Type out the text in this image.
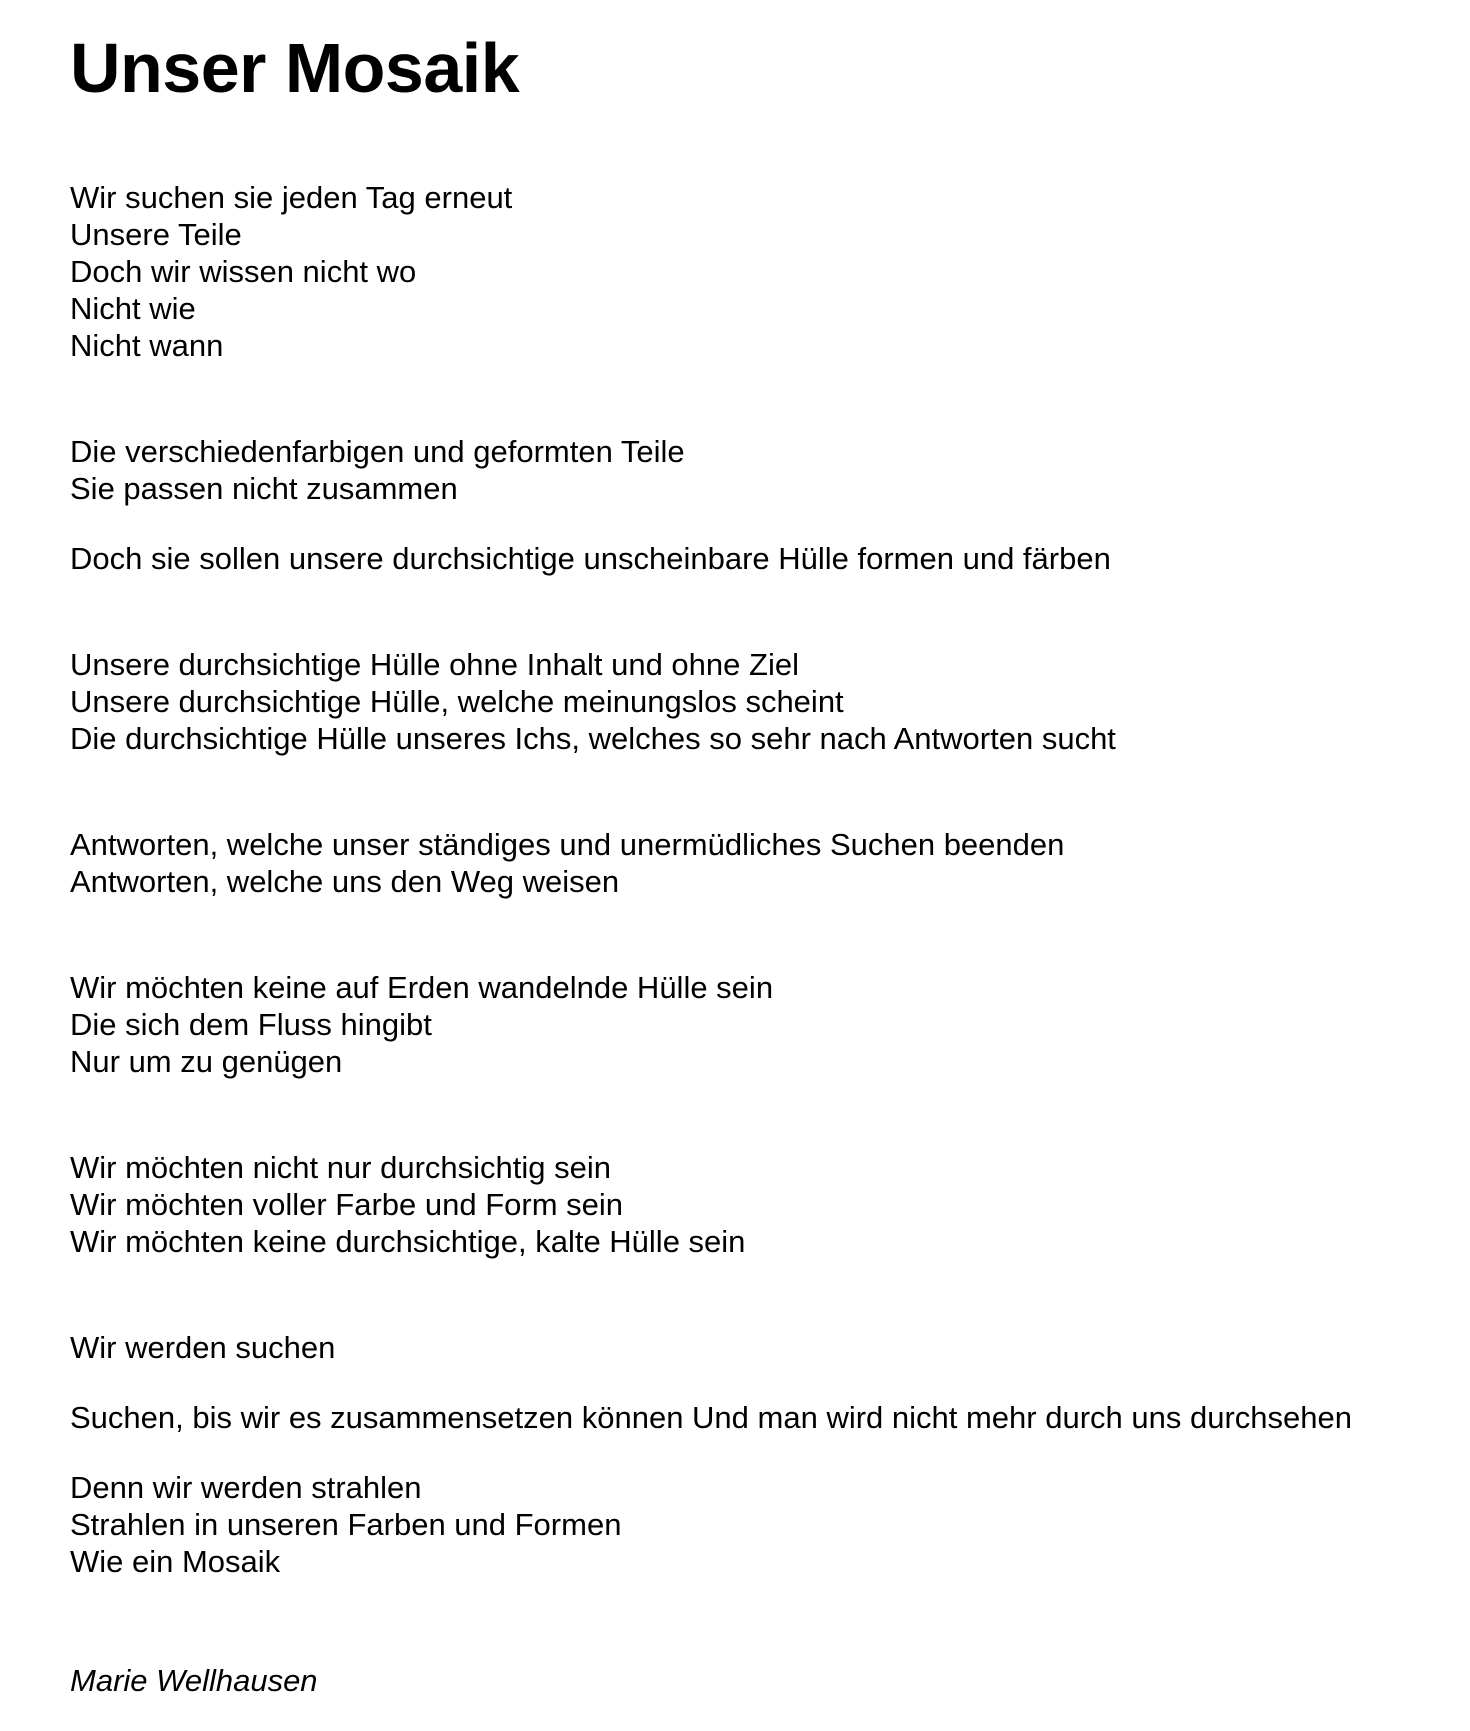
Unser Mosaik
Wir suchen sie jeden Tag erneut
Unsere Teile
Doch wir wissen nicht wo
Nicht wie
Nicht wann
Die verschiedenfarbigen und geformten Teile
Sie passen nicht zusammen
Doch sie sollen unsere durchsichtige unscheinbare Hülle formen und färben
Unsere durchsichtige Hülle ohne Inhalt und ohne Ziel
Unsere durchsichtige Hülle, welche meinungslos scheint
Die durchsichtige Hülle unseres Ichs, welches so sehr nach Antworten sucht
Antworten, welche unser ständiges und unermüdliches Suchen beenden
Antworten, welche uns den Weg weisen
Wir möchten keine auf Erden wandelnde Hülle sein
Die sich dem Fluss hingibt
Nur um zu genügen
Wir möchten nicht nur durchsichtig sein
Wir möchten voller Farbe und Form sein
Wir möchten keine durchsichtige, kalte Hülle sein
Wir werden suchen
Suchen, bis wir es zusammensetzen können Und man wird nicht mehr durch uns durchsehen
Denn wir werden strahlen
Strahlen in unseren Farben und Formen
Wie ein Mosaik
Marie Wellhausen
